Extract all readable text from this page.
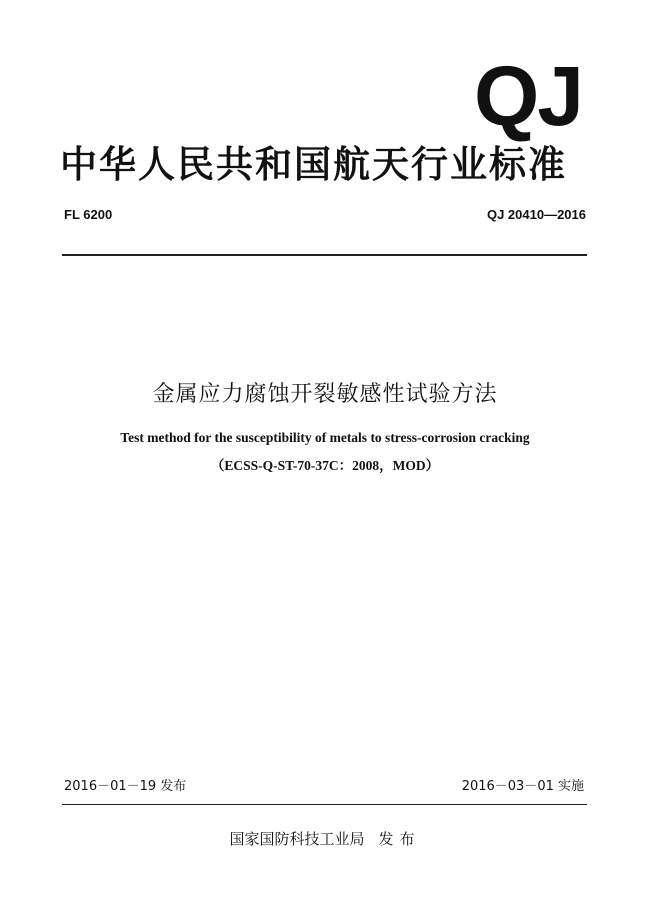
QJ
中华人民共和国航天行业标准
FL 6200	QJ 20410—2016
金属应力腐蚀开裂敏感性试验方法
Test method for the susceptibility of metals to stress-corrosion cracking
（ECSS-Q-ST-70-37C：2008，MOD）
2016－01－19 发布	2016－03－01 实施
国家国防科技工业局 发布
